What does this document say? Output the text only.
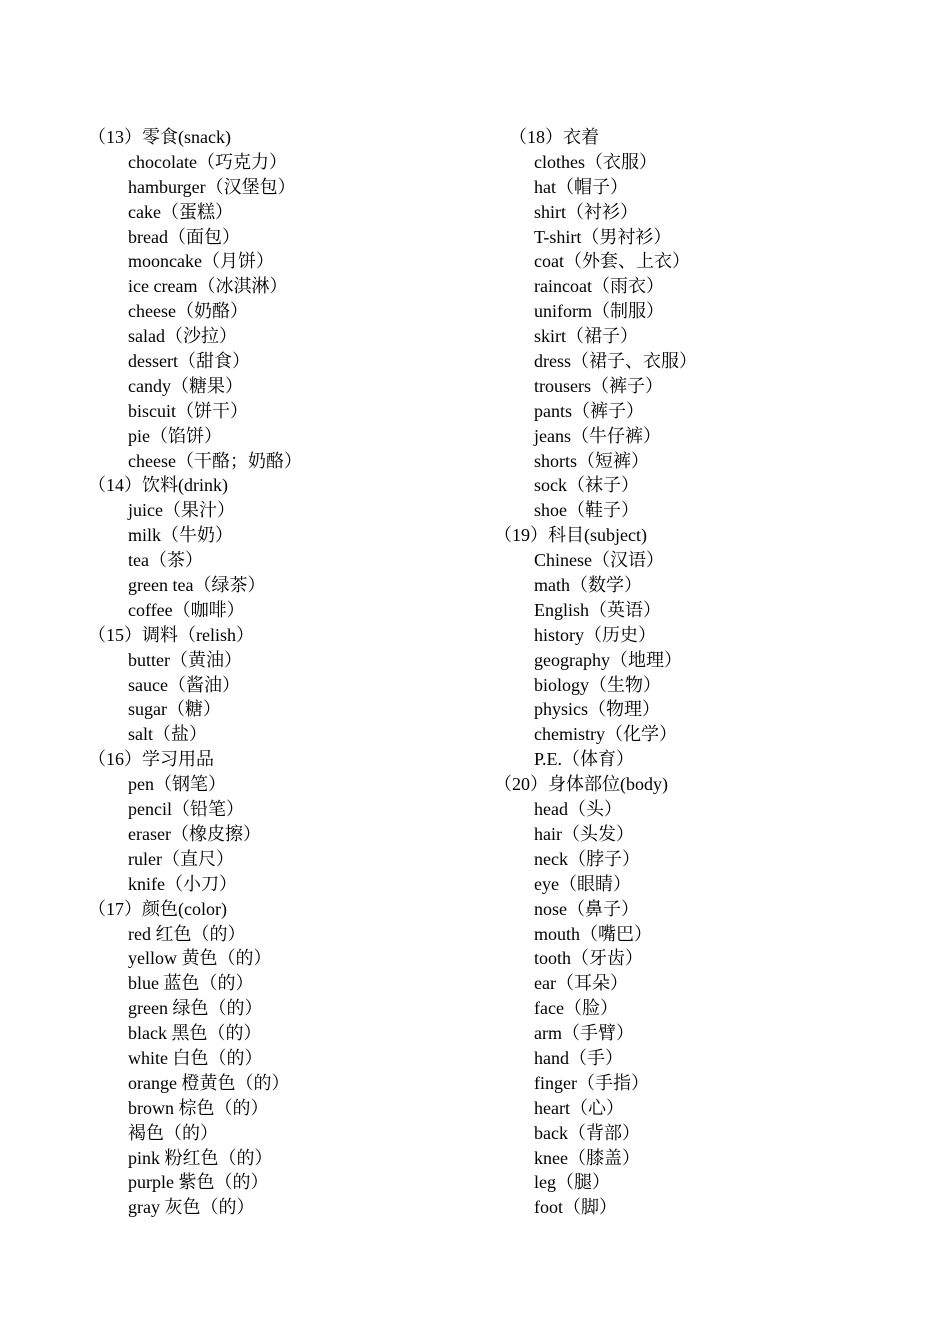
（13）零食(snack)
chocolate（巧克力）
hamburger（汉堡包）
cake（蛋糕）
bread（面包）
mooncake（月饼）
ice cream（冰淇淋）
cheese（奶酪）
salad（沙拉）
dessert（甜食）
candy（糖果）
biscuit（饼干）
pie（馅饼）
cheese（干酪；奶酪）
（14）饮料(drink)
juice（果汁）
milk（牛奶）
tea（茶）
green tea（绿茶）
coffee（咖啡）
（15）调料（relish）
butter（黄油）
sauce（酱油）
sugar（糖）
salt（盐）
（16）学习用品
pen（钢笔）
pencil（铅笔）
eraser（橡皮擦）
ruler（直尺）
knife（小刀）
（17）颜色(color)
red 红色（的）
yellow 黄色（的）
blue 蓝色（的）
green 绿色（的）
black 黑色（的）
white 白色（的）
orange 橙黄色（的）
brown 棕色（的）
褐色（的）
pink 粉红色（的）
purple 紫色（的）
gray 灰色（的）
（18）衣着
clothes（衣服）
hat（帽子）
shirt（衬衫）
T-shirt（男衬衫）
coat（外套、上衣）
raincoat（雨衣）
uniform（制服）
skirt（裙子）
dress（裙子、衣服）
trousers（裤子）
pants（裤子）
jeans（牛仔裤）
shorts（短裤）
sock（袜子）
shoe（鞋子）
（19）科目(subject)
Chinese（汉语）
math（数学）
English（英语）
history（历史）
geography（地理）
biology（生物）
physics（物理）
chemistry（化学）
P.E.（体育）
（20）身体部位(body)
head（头）
hair（头发）
neck（脖子）
eye（眼睛）
nose（鼻子）
mouth（嘴巴）
tooth（牙齿）
ear（耳朵）
face（脸）
arm（手臂）
hand（手）
finger（手指）
heart（心）
back（背部）
knee（膝盖）
leg（腿）
foot（脚）
